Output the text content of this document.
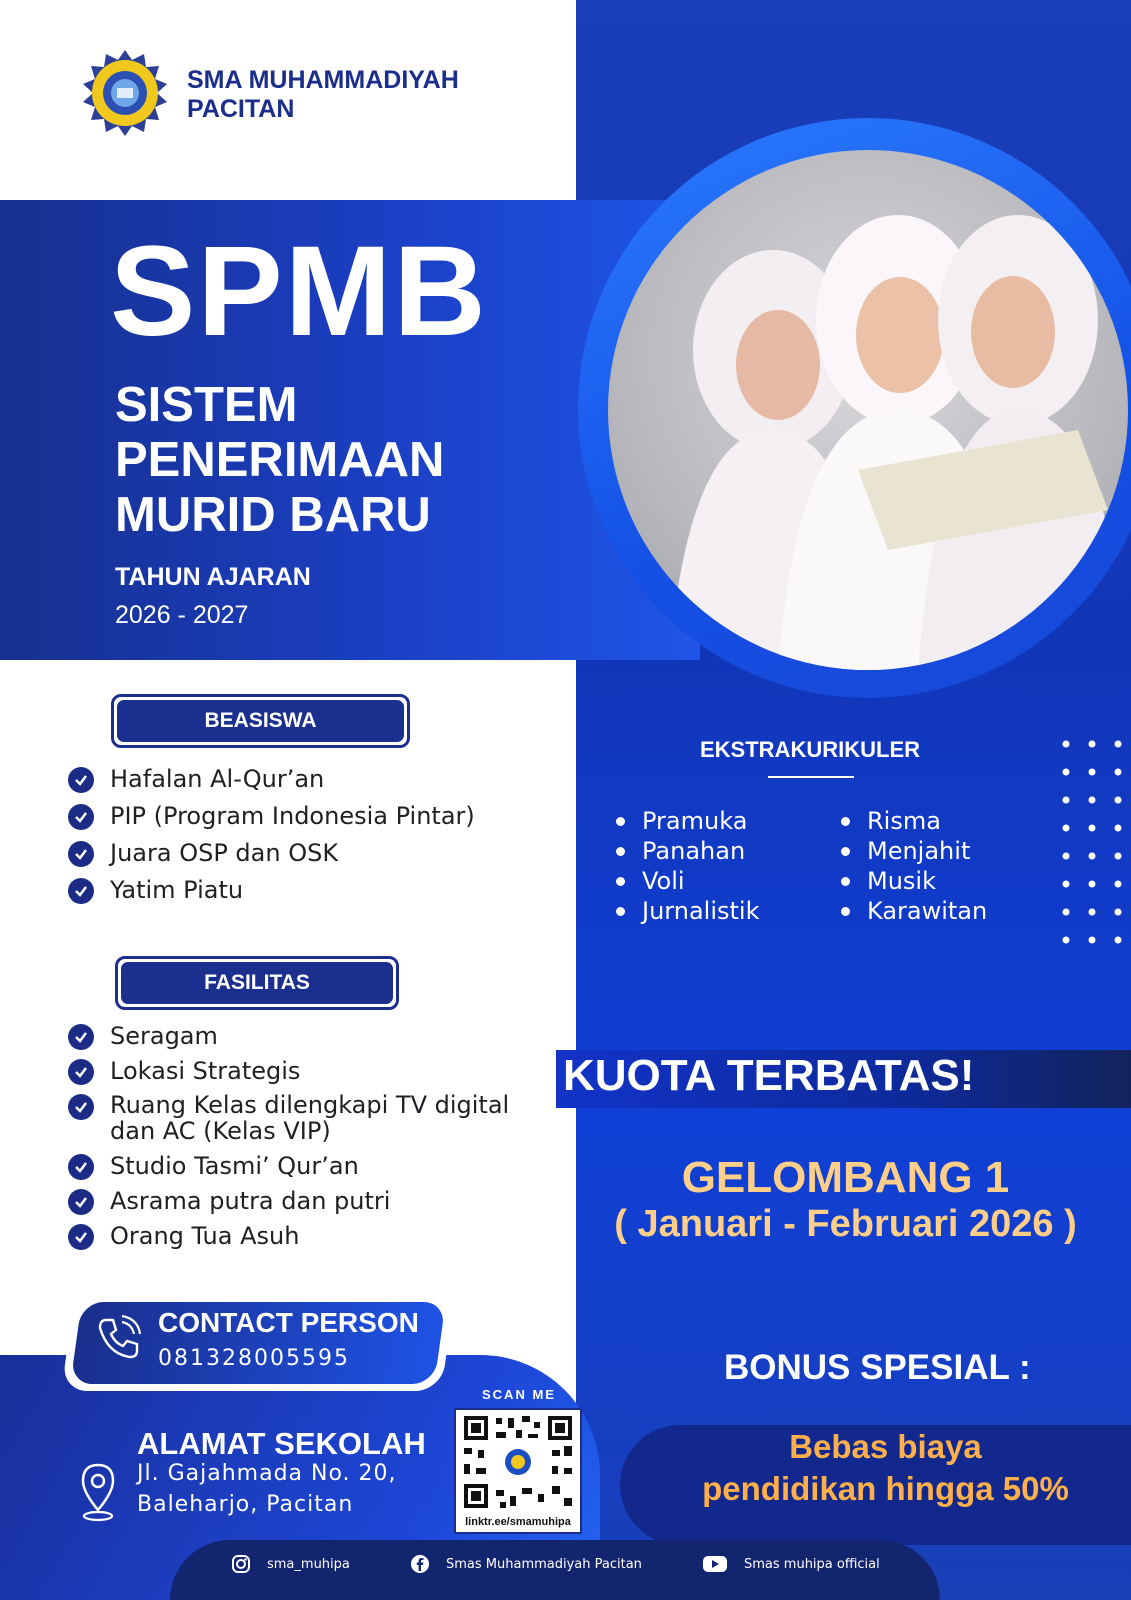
SMA MUHAMMADIYAH
PACITAN
SPMB
SISTEM
PENERIMAAN
MURID BARU
TAHUN AJARAN
2026 - 2027
BEASISWA
Hafalan Al-Qur’an
PIP (Program Indonesia Pintar)
Juara OSP dan OSK
Yatim Piatu
FASILITAS
Seragam
Lokasi Strategis
Ruang Kelas dilengkapi TV digital
dan AC (Kelas VIP)
Studio Tasmi’ Qur’an
Asrama putra dan putri
Orang Tua Asuh
EKSTRAKURIKULER
Pramuka
Panahan
Voli
Jurnalistik
Risma
Menjahit
Musik
Karawitan
KUOTA TERBATAS!
GELOMBANG 1
( Januari - Februari 2026 )
BONUS SPESIAL :
Bebas biaya
pendidikan hingga 50%
CONTACT PERSON
081328005595
ALAMAT SEKOLAH
Jl. Gajahmada No. 20,
Baleharjo, Pacitan
SCAN ME
linktr.ee/smamuhipa
sma_muhipa	Smas Muhammadiyah Pacitan	Smas muhipa official
